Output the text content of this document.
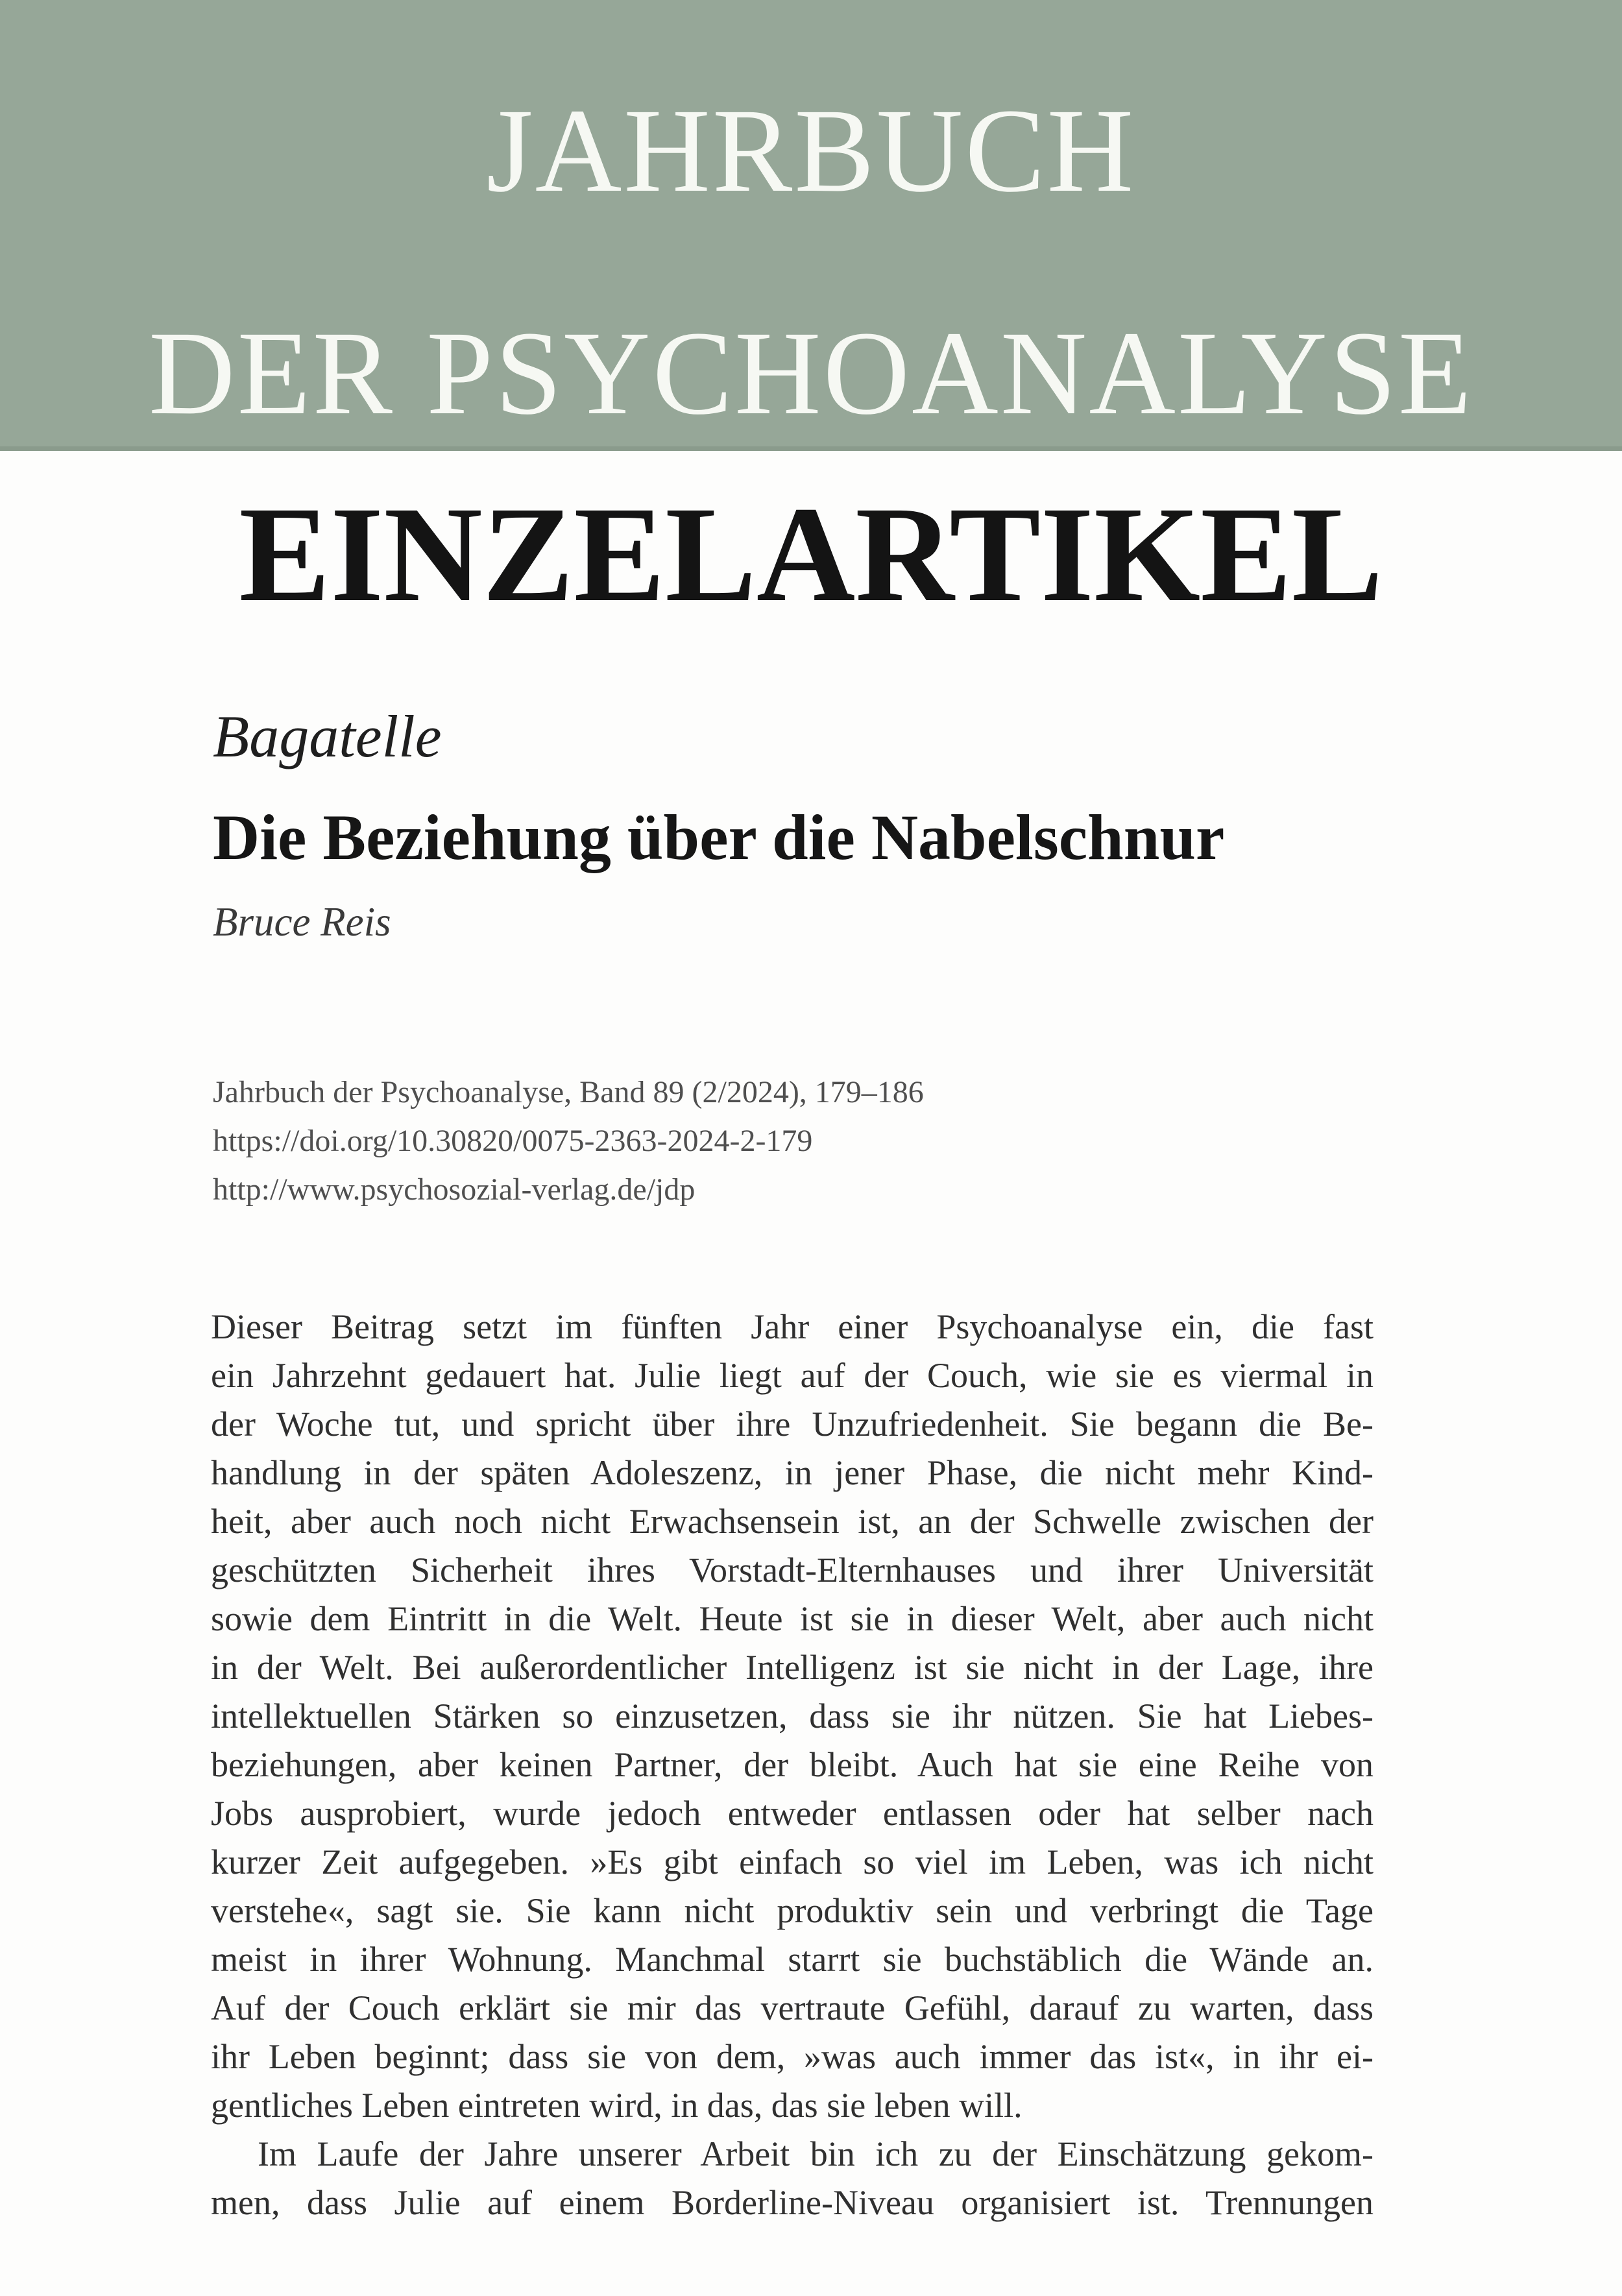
JAHRBUCH
DER PSYCHOANALYSE
EINZELARTIKEL
Bagatelle
Die Beziehung über die Nabelschnur
Bruce Reis
Jahrbuch der Psychoanalyse, Band 89 (2/2024), 179–186
https://doi.org/10.30820/0075-2363-2024-2-179
http://www.psychosozial-verlag.de/jdp
Dieser Beitrag setzt im fünften Jahr einer Psychoanalyse ein, die fast
ein Jahrzehnt gedauert hat. Julie liegt auf der Couch, wie sie es viermal in
der Woche tut, und spricht über ihre Unzufriedenheit. Sie begann die Be-
handlung in der späten Adoleszenz, in jener Phase, die nicht mehr Kind-
heit, aber auch noch nicht Erwachsensein ist, an der Schwelle zwischen der
geschützten Sicherheit ihres Vorstadt-Elternhauses und ihrer Universität
sowie dem Eintritt in die Welt. Heute ist sie in dieser Welt, aber auch nicht
in der Welt. Bei außerordentlicher Intelligenz ist sie nicht in der Lage, ihre
intellektuellen Stärken so einzusetzen, dass sie ihr nützen. Sie hat Liebes-
beziehungen, aber keinen Partner, der bleibt. Auch hat sie eine Reihe von
Jobs ausprobiert, wurde jedoch entweder entlassen oder hat selber nach
kurzer Zeit aufgegeben. »Es gibt einfach so viel im Leben, was ich nicht
verstehe«, sagt sie. Sie kann nicht produktiv sein und verbringt die Tage
meist in ihrer Wohnung. Manchmal starrt sie buchstäblich die Wände an.
Auf der Couch erklärt sie mir das vertraute Gefühl, darauf zu warten, dass
ihr Leben beginnt; dass sie von dem, »was auch immer das ist«, in ihr ei-
gentliches Leben eintreten wird, in das, das sie leben will.
Im Laufe der Jahre unserer Arbeit bin ich zu der Einschätzung gekom-
men, dass Julie auf einem Borderline-Niveau organisiert ist. Trennungen
